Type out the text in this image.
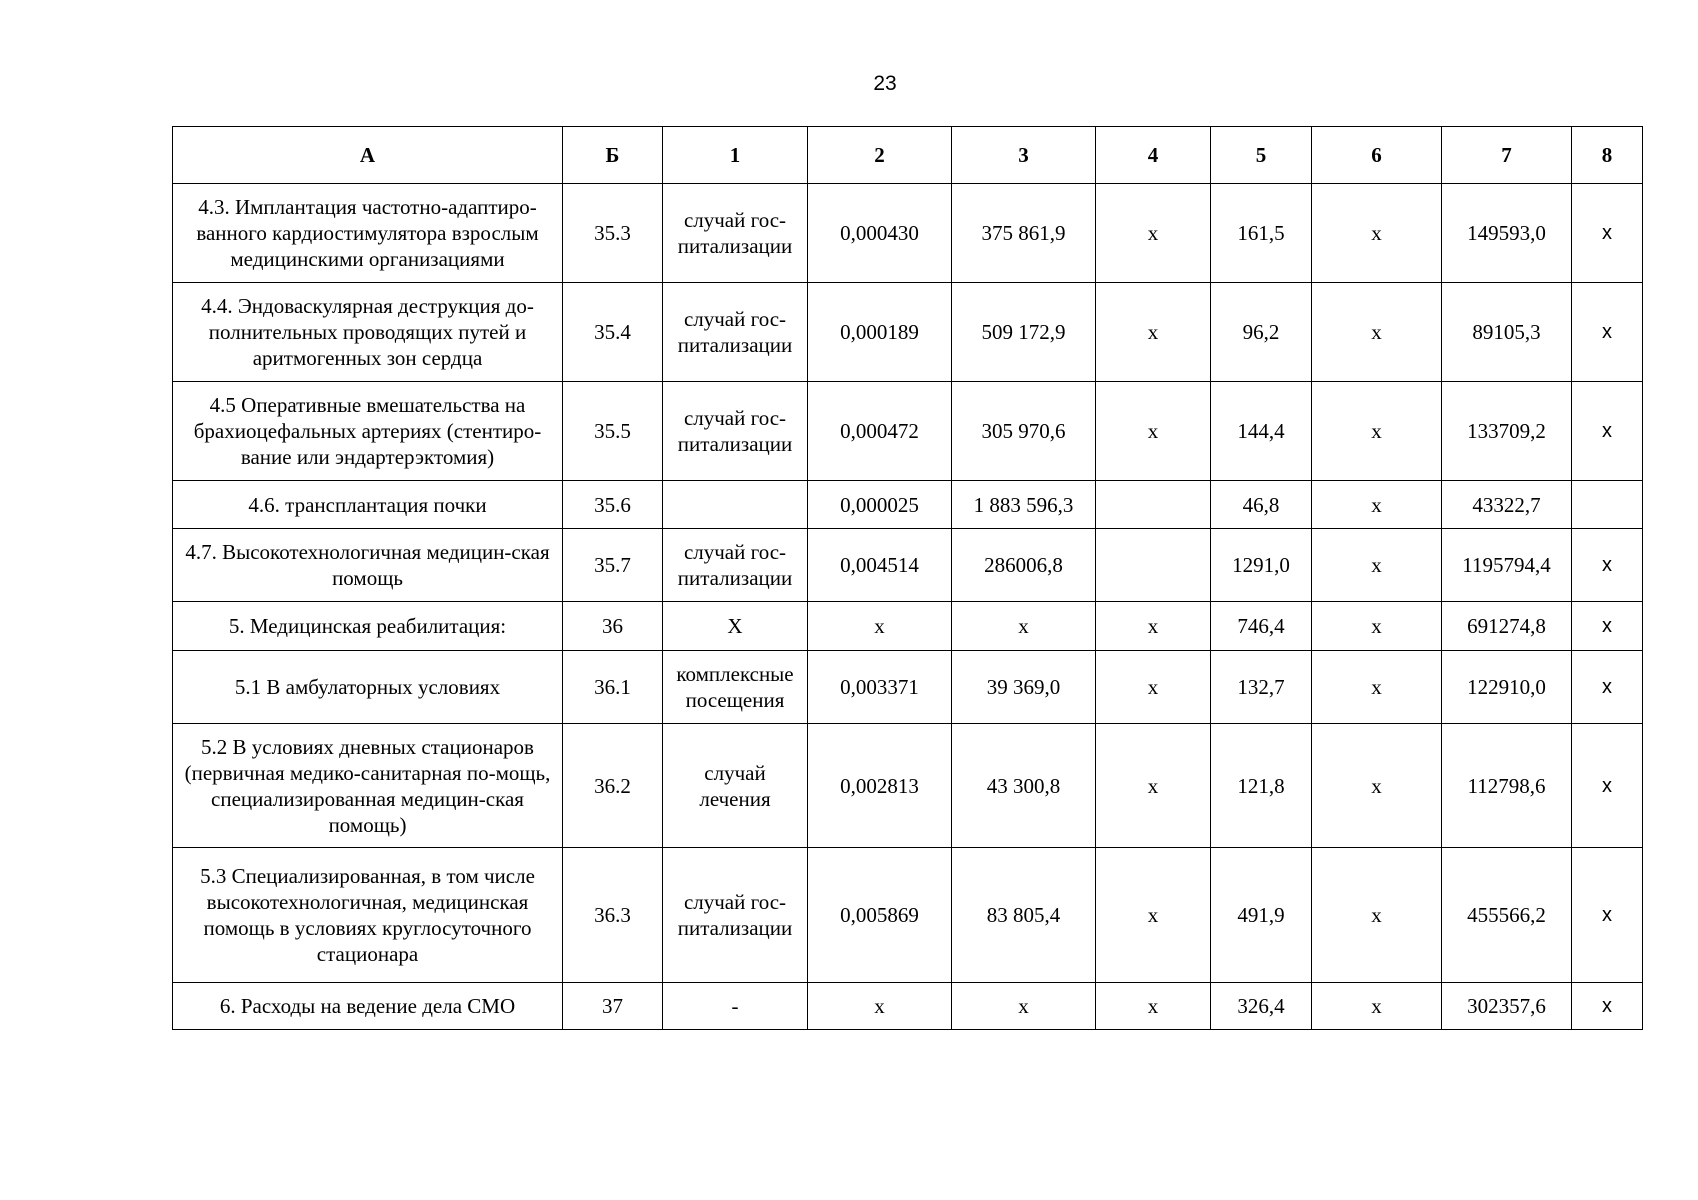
23
А	Б	1	2	3	4	5	6	7	8
4.3. Имплантация частотно-адаптиро-ванного кардиостимулятора взрослым медицинскими организациями	35.3	случай гос-питализации	0,000430	375 861,9	х	161,5	х	149593,0	x
4.4. Эндоваскулярная деструкция до-полнительных проводящих путей и аритмогенных зон сердца	35.4	случай гос-питализации	0,000189	509 172,9	х	96,2	х	89105,3	x
4.5 Оперативные вмешательства на брахиоцефальных артериях (стентиро-вание или эндартерэктомия)	35.5	случай гос-питализации	0,000472	305 970,6	х	144,4	х	133709,2	x
4.6. трансплантация почки	35.6		0,000025	1 883 596,3		46,8	х	43322,7	
4.7. Высокотехнологичная медицин-ская помощь	35.7	случай гос-питализации	0,004514	286006,8		1291,0	х	1195794,4	x
5. Медицинская реабилитация:	36	Х	х	х	х	746,4	х	691274,8	x
5.1 В амбулаторных условиях	36.1	комплексные посещения	0,003371	39 369,0	х	132,7	х	122910,0	x
5.2 В условиях дневных стационаров (первичная медико-санитарная по-мощь, специализированная медицин-ская помощь)	36.2	случай лечения	0,002813	43 300,8	х	121,8	х	112798,6	x
5.3 Специализированная, в том числе высокотехнологичная, медицинская помощь в условиях круглосуточного стационара	36.3	случай гос-питализации	0,005869	83 805,4	х	491,9	х	455566,2	x
6. Расходы на ведение дела СМО	37	-	х	х	х	326,4	х	302357,6	x
